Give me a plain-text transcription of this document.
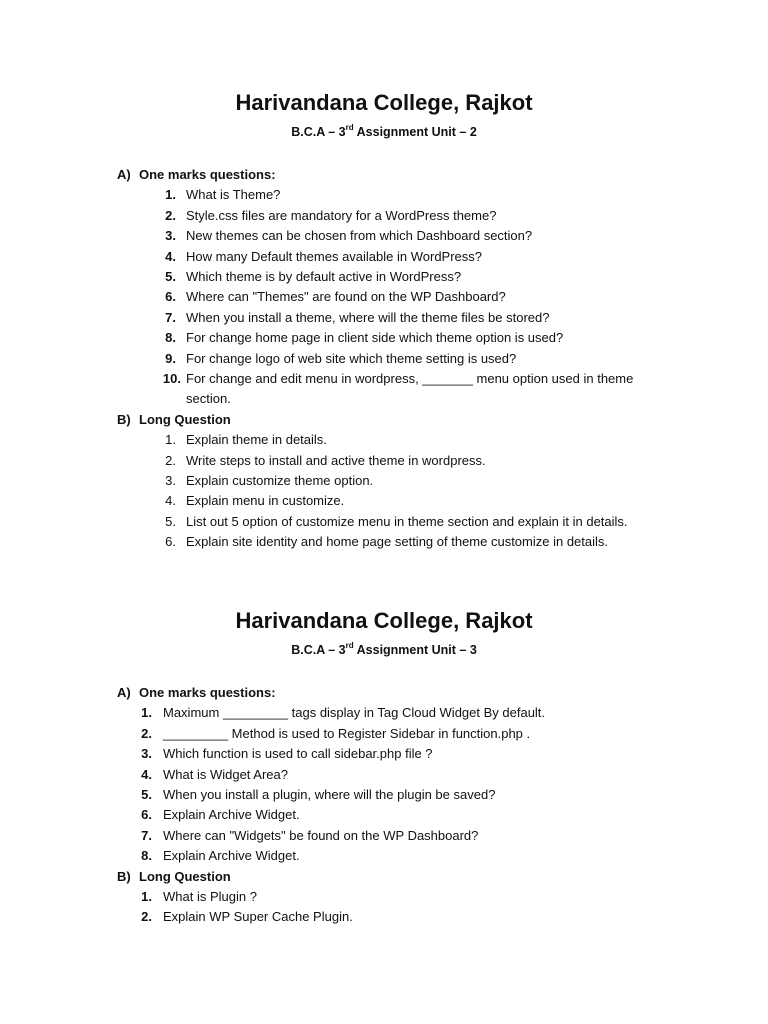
Harivandana College, Rajkot
B.C.A – 3rd Assignment Unit – 2
A) One marks questions:
1. What is Theme?
2. Style.css files are mandatory for a WordPress theme?
3. New themes can be chosen from which Dashboard section?
4. How many Default themes available in WordPress?
5. Which theme is by default active in WordPress?
6. Where can "Themes" are found on the WP Dashboard?
7. When you install a theme, where will the theme files be stored?
8. For change home page in client side which theme option is used?
9. For change logo of web site which theme setting is used?
10. For change and edit menu in wordpress, _______ menu option used in theme section.
B) Long Question
1. Explain theme in details.
2. Write steps to install and active theme in wordpress.
3. Explain customize theme option.
4. Explain menu in customize.
5. List out 5 option of customize menu in theme section and explain it in details.
6. Explain site identity and home page setting of theme customize in details.
Harivandana College, Rajkot
B.C.A – 3rd Assignment Unit – 3
A) One marks questions:
1. Maximum _________ tags display in Tag Cloud Widget By default.
2. _________ Method is used to Register Sidebar in function.php .
3. Which function is used to call sidebar.php file ?
4. What is Widget Area?
5. When you install a plugin, where will the plugin be saved?
6. Explain Archive Widget.
7. Where can "Widgets" be found on the WP Dashboard?
8. Explain Archive Widget.
B) Long Question
1. What is Plugin ?
2. Explain WP Super Cache Plugin.
